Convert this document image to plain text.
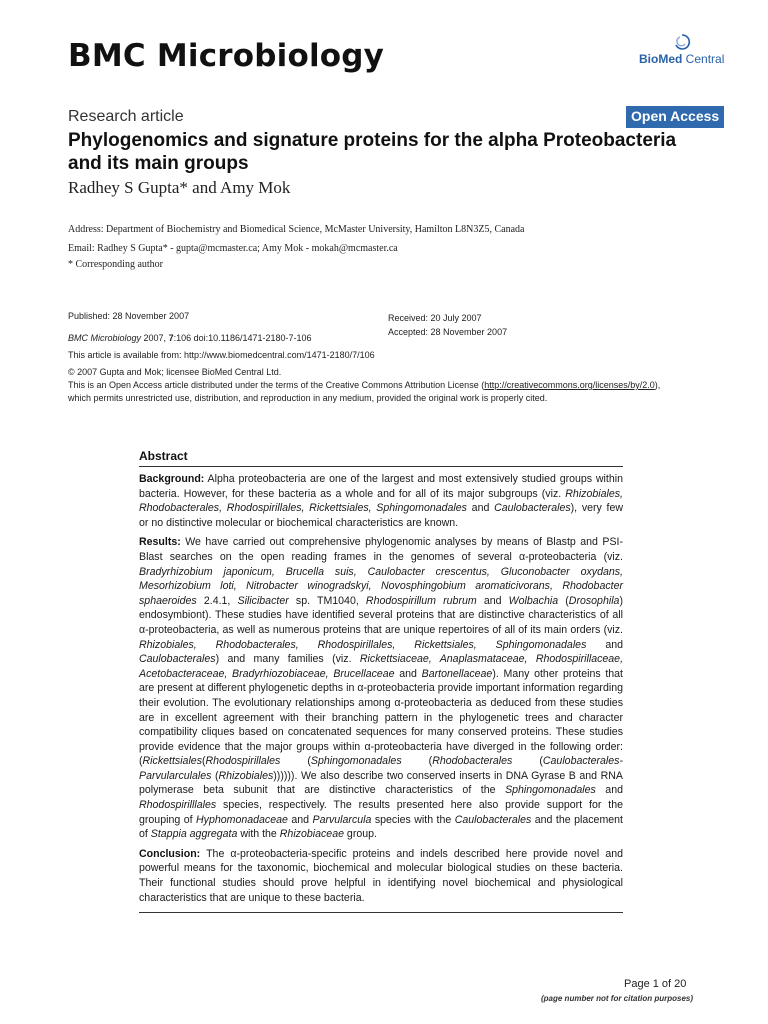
BMC Microbiology	BioMed Central
Research article	Open Access
Phylogenomics and signature proteins for the alpha Proteobacteria and its main groups
Radhey S Gupta* and Amy Mok
Address: Department of Biochemistry and Biomedical Science, McMaster University, Hamilton L8N3Z5, Canada
Email: Radhey S Gupta* - gupta@mcmaster.ca; Amy Mok - mokah@mcmaster.ca
* Corresponding author
Published: 28 November 2007	Received: 20 July 2007
Accepted: 28 November 2007
BMC Microbiology 2007, 7:106 doi:10.1186/1471-2180-7-106
This article is available from: http://www.biomedcentral.com/1471-2180/7/106
© 2007 Gupta and Mok; licensee BioMed Central Ltd.
This is an Open Access article distributed under the terms of the Creative Commons Attribution License (http://creativecommons.org/licenses/by/2.0),
which permits unrestricted use, distribution, and reproduction in any medium, provided the original work is properly cited.
Abstract

Background: Alpha proteobacteria are one of the largest and most extensively studied groups within bacteria. However, for these bacteria as a whole and for all of its major subgroups (viz. Rhizobiales, Rhodobacterales, Rhodospirillales, Rickettsiales, Sphingomonadales and Caulobacterales), very few or no distinctive molecular or biochemical characteristics are known.

Results: We have carried out comprehensive phylogenomic analyses by means of Blastp and PSI-Blast searches on the open reading frames in the genomes of several α-proteobacteria (viz. Bradyrhizobium japonicum, Brucella suis, Caulobacter crescentus, Gluconobacter oxydans, Mesorhizobium loti, Nitrobacter winogradskyi, Novosphingobium aromaticivorans, Rhodobacter sphaeroides 2.4.1, Silicibacter sp. TM1040, Rhodospirillum rubrum and Wolbachia (Drosophila) endosymbiont). These studies have identified several proteins that are distinctive characteristics of all α-proteobacteria, as well as numerous proteins that are unique repertoires of all of its main orders (viz. Rhizobiales, Rhodobacterales, Rhodospirillales, Rickettsiales, Sphingomonadales and Caulobacterales) and many families (viz. Rickettsiaceae, Anaplasmataceae, Rhodospirillaceae, Acetobacteraceae, Bradyrhiozobiaceae, Brucellaceae and Bartonellaceae). Many other proteins that are present at different phylogenetic depths in α-proteobacteria provide important information regarding their evolution. The evolutionary relationships among α-proteobacteria as deduced from these studies are in excellent agreement with their branching pattern in the phylogenetic trees and character compatibility cliques based on concatenated sequences for many conserved proteins. These studies provide evidence that the major groups within α-proteobacteria have diverged in the following order: (Rickettsiales(Rhodospirillales (Sphingomonadales (Rhodobacterales (Caulobacterales-Parvularculales (Rhizobiales)))))). We also describe two conserved inserts in DNA Gyrase B and RNA polymerase beta subunit that are distinctive characteristics of the Sphingomonadales and Rhodospirilllales species, respectively. The results presented here also provide support for the grouping of Hyphomonadaceae and Parvularcula species with the Caulobacterales and the placement of Stappia aggregata with the Rhizobiaceae group.

Conclusion: The α-proteobacteria-specific proteins and indels described here provide novel and powerful means for the taxonomic, biochemical and molecular biological studies on these bacteria. Their functional studies should prove helpful in identifying novel biochemical and physiological characteristics that are unique to these bacteria.

Page 1 of 20
(page number not for citation purposes)
